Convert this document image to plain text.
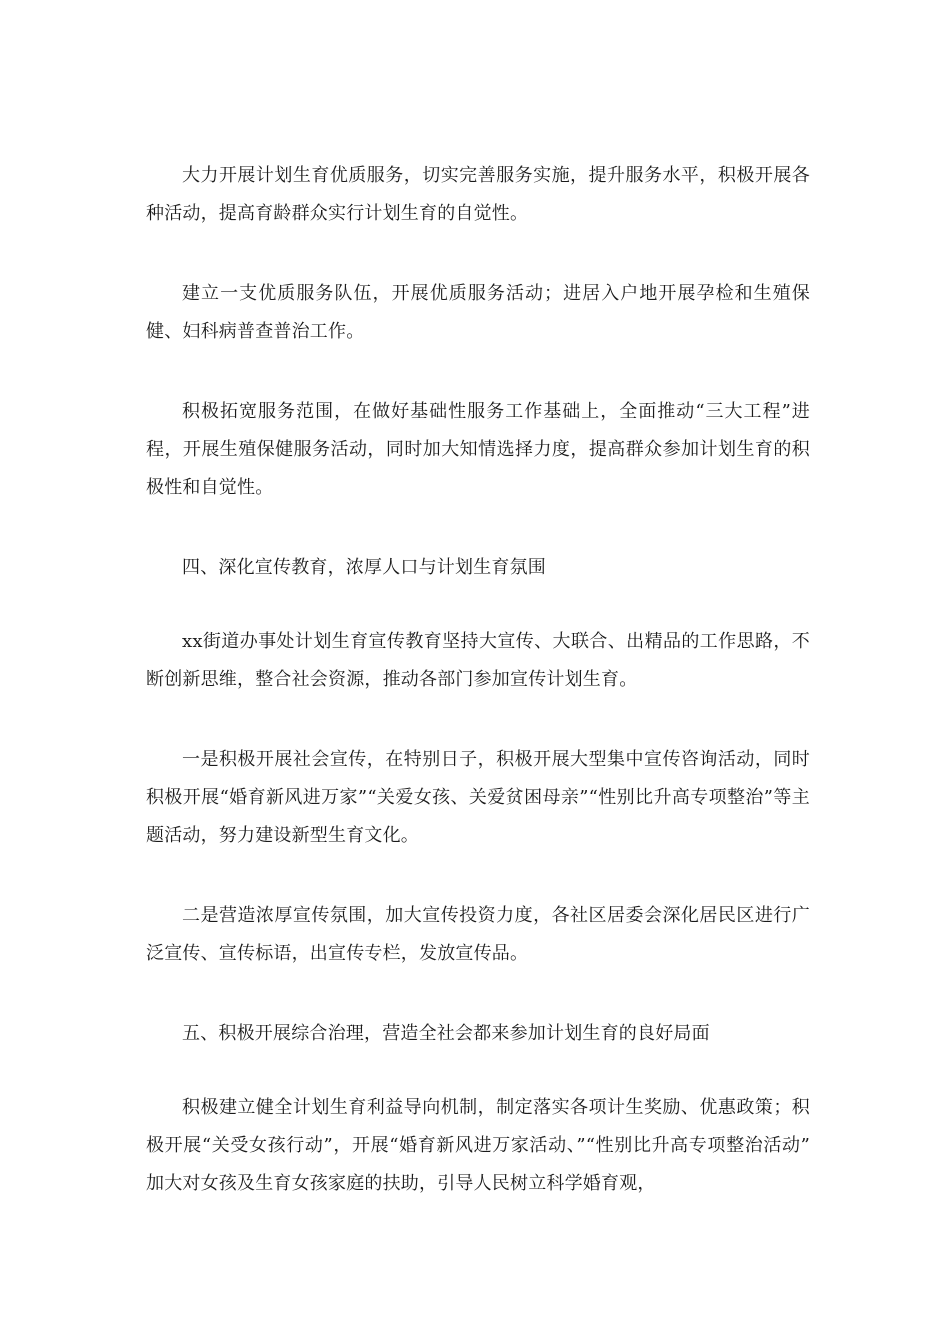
大力开展计划生育优质服务，切实完善服务实施，提升服务水平，积极开展各种活动，提高育龄群众实行计划生育的自觉性。

建立一支优质服务队伍，开展优质服务活动；进居入户地开展孕检和生殖保健、妇科病普查普治工作。

积极拓宽服务范围，在做好基础性服务工作基础上，全面推动“三大工程”进程，开展生殖保健服务活动，同时加大知情选择力度，提高群众参加计划生育的积极性和自觉性。

四、深化宣传教育，浓厚人口与计划生育氛围

xx街道办事处计划生育宣传教育坚持大宣传、大联合、出精品的工作思路，不断创新思维，整合社会资源，推动各部门参加宣传计划生育。

一是积极开展社会宣传，在特别日子，积极开展大型集中宣传咨询活动，同时积极开展“婚育新风进万家”“关爱女孩、关爱贫困母亲”“性别比升高专项整治”等主题活动，努力建设新型生育文化。

二是营造浓厚宣传氛围，加大宣传投资力度，各社区居委会深化居民区进行广泛宣传、宣传标语，出宣传专栏，发放宣传品。

五、积极开展综合治理，营造全社会都来参加计划生育的良好局面

积极建立健全计划生育利益导向机制，制定落实各项计生奖励、优惠政策；积极开展“关受女孩行动”，开展“婚育新风进万家活动、”“性别比升高专项整治活动” 加大对女孩及生育女孩家庭的扶助，引导人民树立科学婚育观，
